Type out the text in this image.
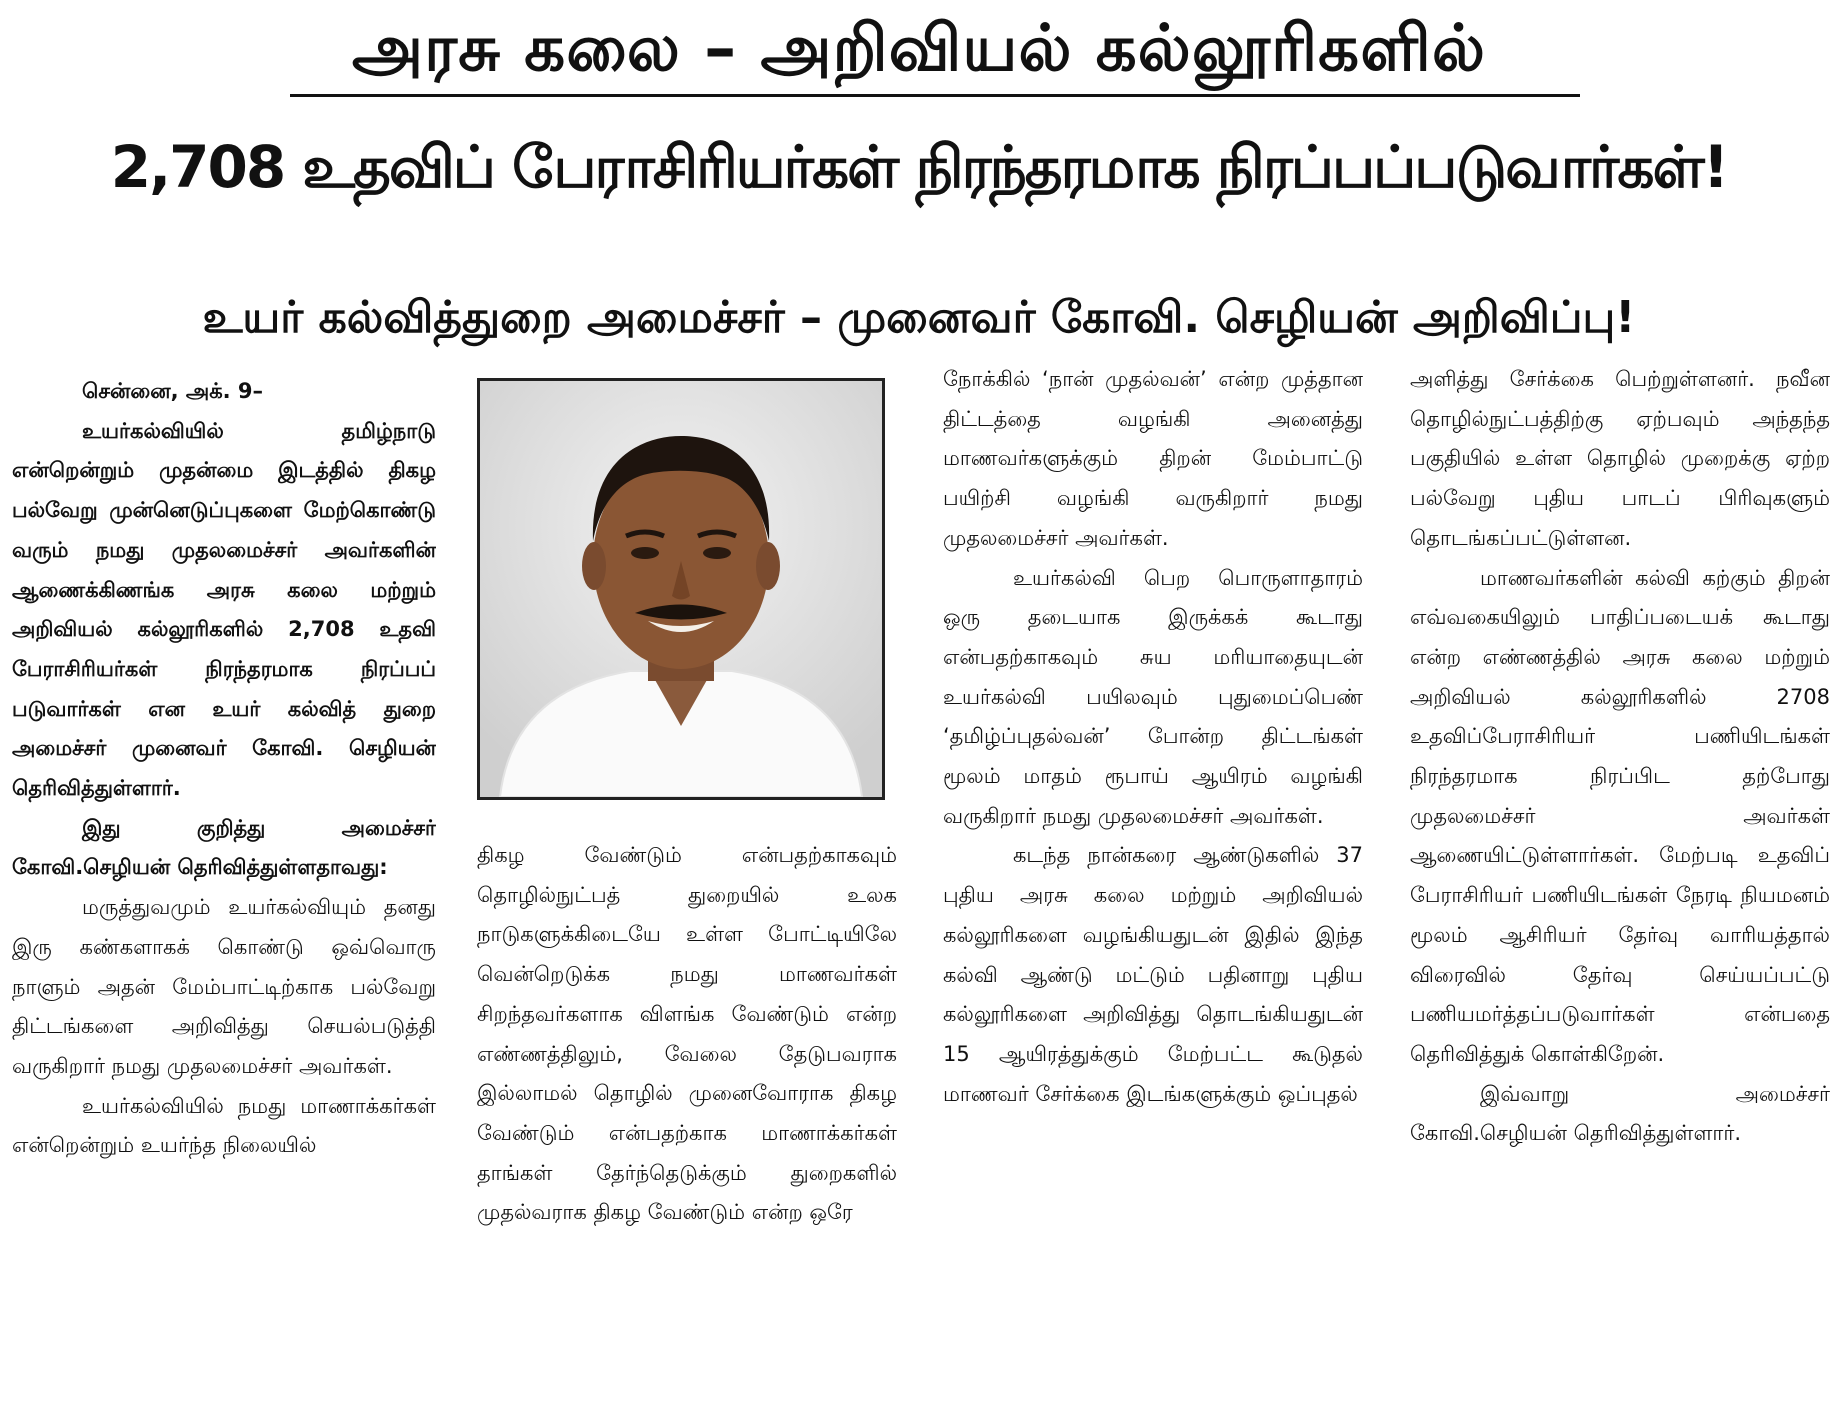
அரசு கலை – அறிவியல் கல்லூரிகளில்
2,708 உதவிப் பேராசிரியர்கள் நிரந்தரமாக நிரப்பப்படுவார்கள்!
உயர் கல்வித்துறை அமைச்சர் – முனைவர் கோவி. செழியன் அறிவிப்பு!

சென்னை, அக். 9–

உயர்கல்வியில் தமிழ்நாடு என்றென்றும் முதன்மை இடத்தில் திகழ பல்வேறு முன்னெடுப்புகளை மேற்கொண்டு வரும் நமது முதலமைச்சர் அவர்களின் ஆணைக்கிணங்க அரசு கலை மற்றும் அறிவியல் கல்லூரிகளில் 2,708 உதவி பேராசிரியர்கள் நிரந்தரமாக நிரப்பப் படுவார்கள் என உயர் கல்வித் துறை அமைச்சர் முனைவர் கோவி. செழியன் தெரிவித்துள்ளார்.

இது குறித்து அமைச்சர் கோவி.செழியன் தெரிவித்துள்ளதாவது:

மருத்துவமும் உயர்கல்வியும் தனது இரு கண்களாகக் கொண்டு ஒவ்வொரு நாளும் அதன் மேம்பாட்டிற்காக பல்வேறு திட்டங்களை அறிவித்து செயல்படுத்தி வருகிறார் நமது முதலமைச்சர் அவர்கள்.

உயர்கல்வியில் நமது மாணாக்கர்கள் என்றென்றும் உயர்ந்த நிலையில்

திகழ வேண்டும் என்பதற்காகவும் தொழில்நுட்பத் துறையில் உலக நாடுகளுக்கிடையே உள்ள போட்டியிலே வென்றெடுக்க நமது மாணவர்கள் சிறந்தவர்களாக விளங்க வேண்டும் என்ற எண்ணத்திலும், வேலை தேடுபவராக இல்லாமல் தொழில் முனைவோராக திகழ வேண்டும் என்பதற்காக மாணாக்கர்கள் தாங்கள் தேர்ந்தெடுக்கும் துறைகளில் முதல்வராக திகழ வேண்டும் என்ற ஒரே

நோக்கில் ‘நான் முதல்வன்’ என்ற முத்தான திட்டத்தை வழங்கி அனைத்து மாணவர்களுக்கும் திறன் மேம்பாட்டு பயிற்சி வழங்கி வருகிறார் நமது முதலமைச்சர் அவர்கள்.

உயர்கல்வி பெற பொருளாதாரம் ஒரு தடையாக இருக்கக் கூடாது என்பதற்காகவும் சுய மரியாதையுடன் உயர்கல்வி பயிலவும் புதுமைப்பெண் ‘தமிழ்ப்புதல்வன்’ போன்ற திட்டங்கள் மூலம் மாதம் ரூபாய் ஆயிரம் வழங்கி வருகிறார் நமது முதலமைச்சர் அவர்கள்.

கடந்த நான்கரை ஆண்டுகளில் 37 புதிய அரசு கலை மற்றும் அறிவியல் கல்லூரிகளை வழங்கியதுடன் இதில் இந்த கல்வி ஆண்டு மட்டும் பதினாறு புதிய கல்லூரிகளை அறிவித்து தொடங்கியதுடன் 15 ஆயிரத்துக்கும் மேற்பட்ட கூடுதல் மாணவர் சேர்க்கை இடங்களுக்கும் ஒப்புதல்

அளித்து சேர்க்கை பெற்றுள்ளனர். நவீன தொழில்நுட்பத்திற்கு ஏற்பவும் அந்தந்த பகுதியில் உள்ள தொழில் முறைக்கு ஏற்ற பல்வேறு புதிய பாடப் பிரிவுகளும் தொடங்கப்பட்டுள்ளன.

மாணவர்களின் கல்வி கற்கும் திறன் எவ்வகையிலும் பாதிப்படையக் கூடாது என்ற எண்ணத்தில் அரசு கலை மற்றும் அறிவியல் கல்லூரிகளில் 2708 உதவிப்பேராசிரியர் பணியிடங்கள் நிரந்தரமாக நிரப்பிட தற்போது முதலமைச்சர் அவர்கள் ஆணையிட்டுள்ளார்கள். மேற்படி உதவிப் பேராசிரியர் பணியிடங்கள் நேரடி நியமனம் மூலம் ஆசிரியர் தேர்வு வாரியத்தால் விரைவில் தேர்வு செய்யப்பட்டு பணியமர்த்தப்படுவார்கள் என்பதை தெரிவித்துக் கொள்கிறேன்.

இவ்வாறு அமைச்சர் கோவி.செழியன் தெரிவித்துள்ளார்.
